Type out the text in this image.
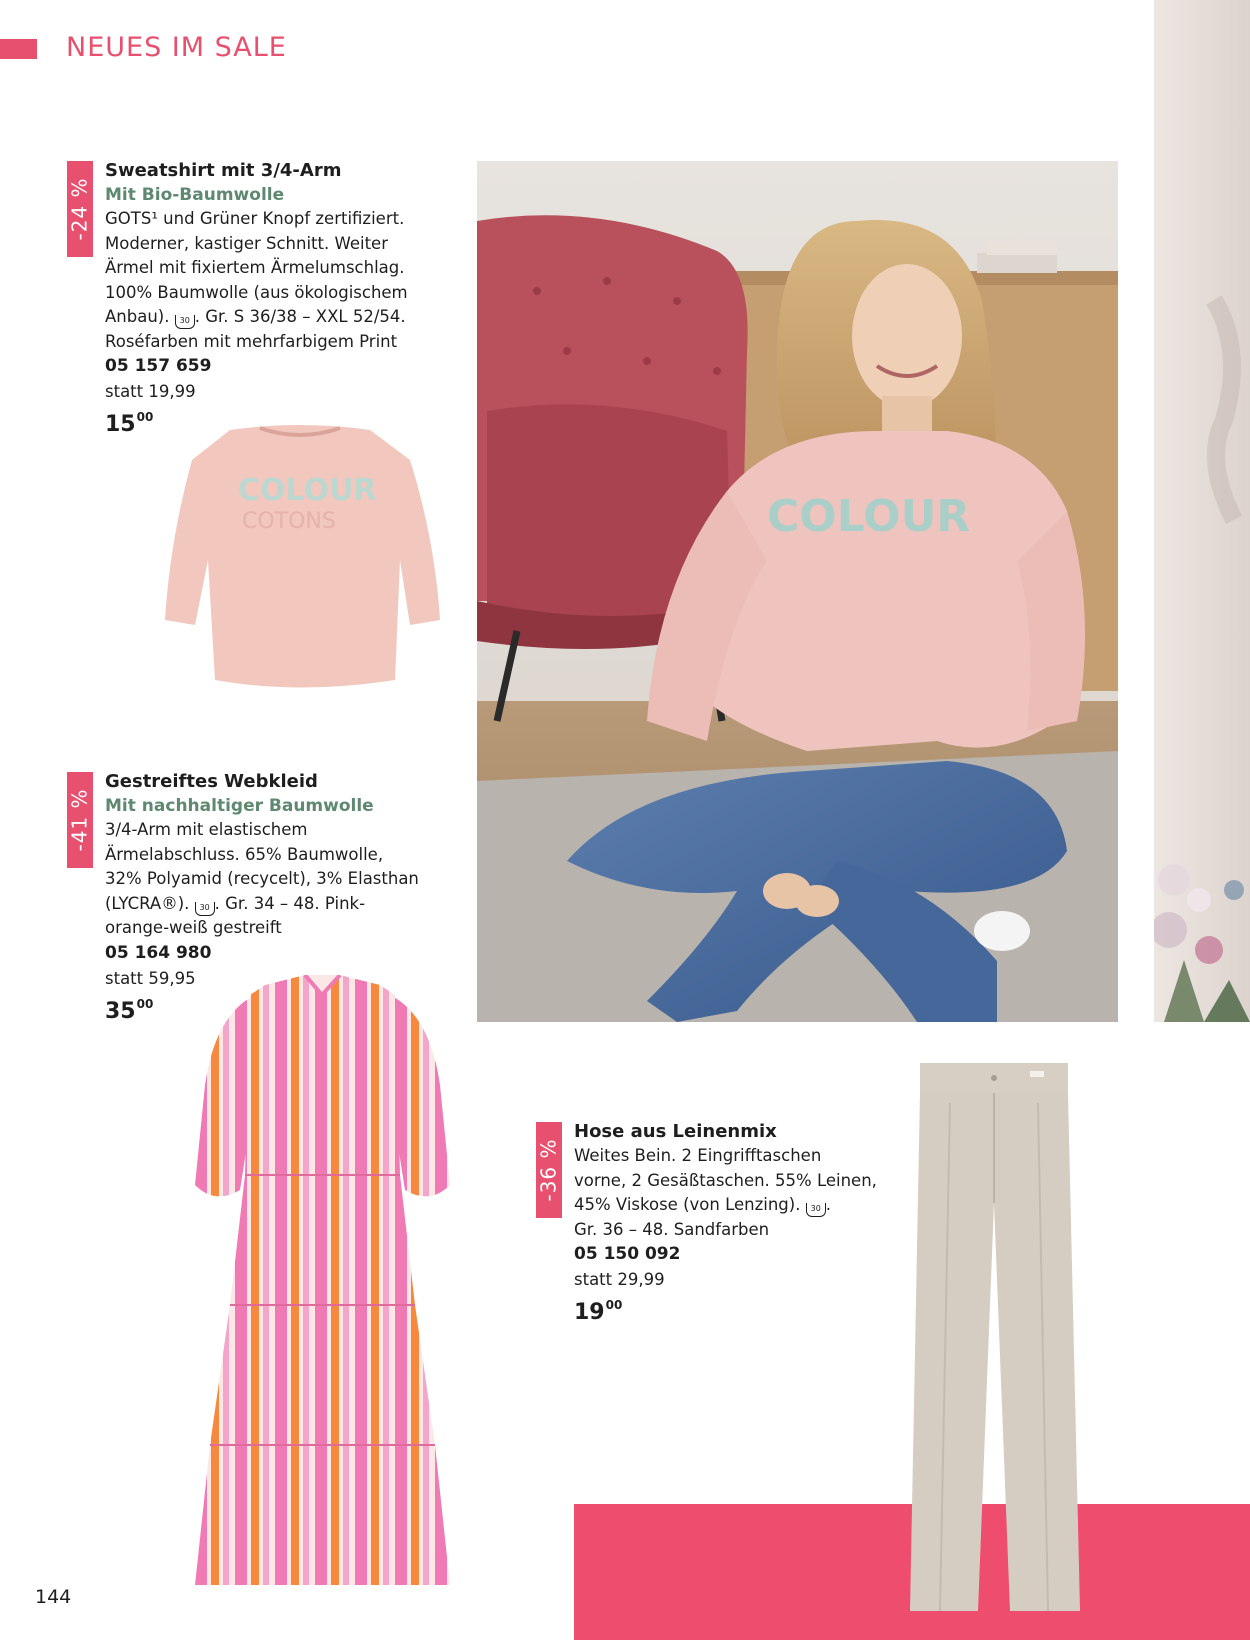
NEUES IM SALE
COLOUR
-24 %
Sweatshirt mit 3/4-Arm
Mit Bio-Baumwolle
GOTS¹ und Grüner Knopf zertifiziert.
Moderner, kastiger Schnitt. Weiter
Ärmel mit fixiertem Ärmelumschlag.
100% Baumwolle (aus ökologischem
Anbau). 30 . Gr. S 36/38 – XXL 52/54.
Roséfarben mit mehrfarbigem Print
05 157 659
statt 19,99
$15^{00}$
COLOUR
COTONS
-41 %
Gestreiftes Webkleid
Mit nachhaltiger Baumwolle
3/4-Arm mit elastischem
Ärmelabschluss. 65% Baumwolle,
32% Polyamid (recycelt), 3% Elasthan
(LYCRA®). 30 . Gr. 34 – 48. Pink-
orange-weiß gestreift
05 164 980
statt 59,95
$35^{00}$
-36 %
Hose aus Leinenmix
Weites Bein. 2 Eingrifftaschen
vorne, 2 Gesäßtaschen. 55% Leinen,
45% Viskose (von Lenzing). 30 .
Gr. 36 – 48. Sandfarben
05 150 092
statt 29,99
$19^{00}$
144
